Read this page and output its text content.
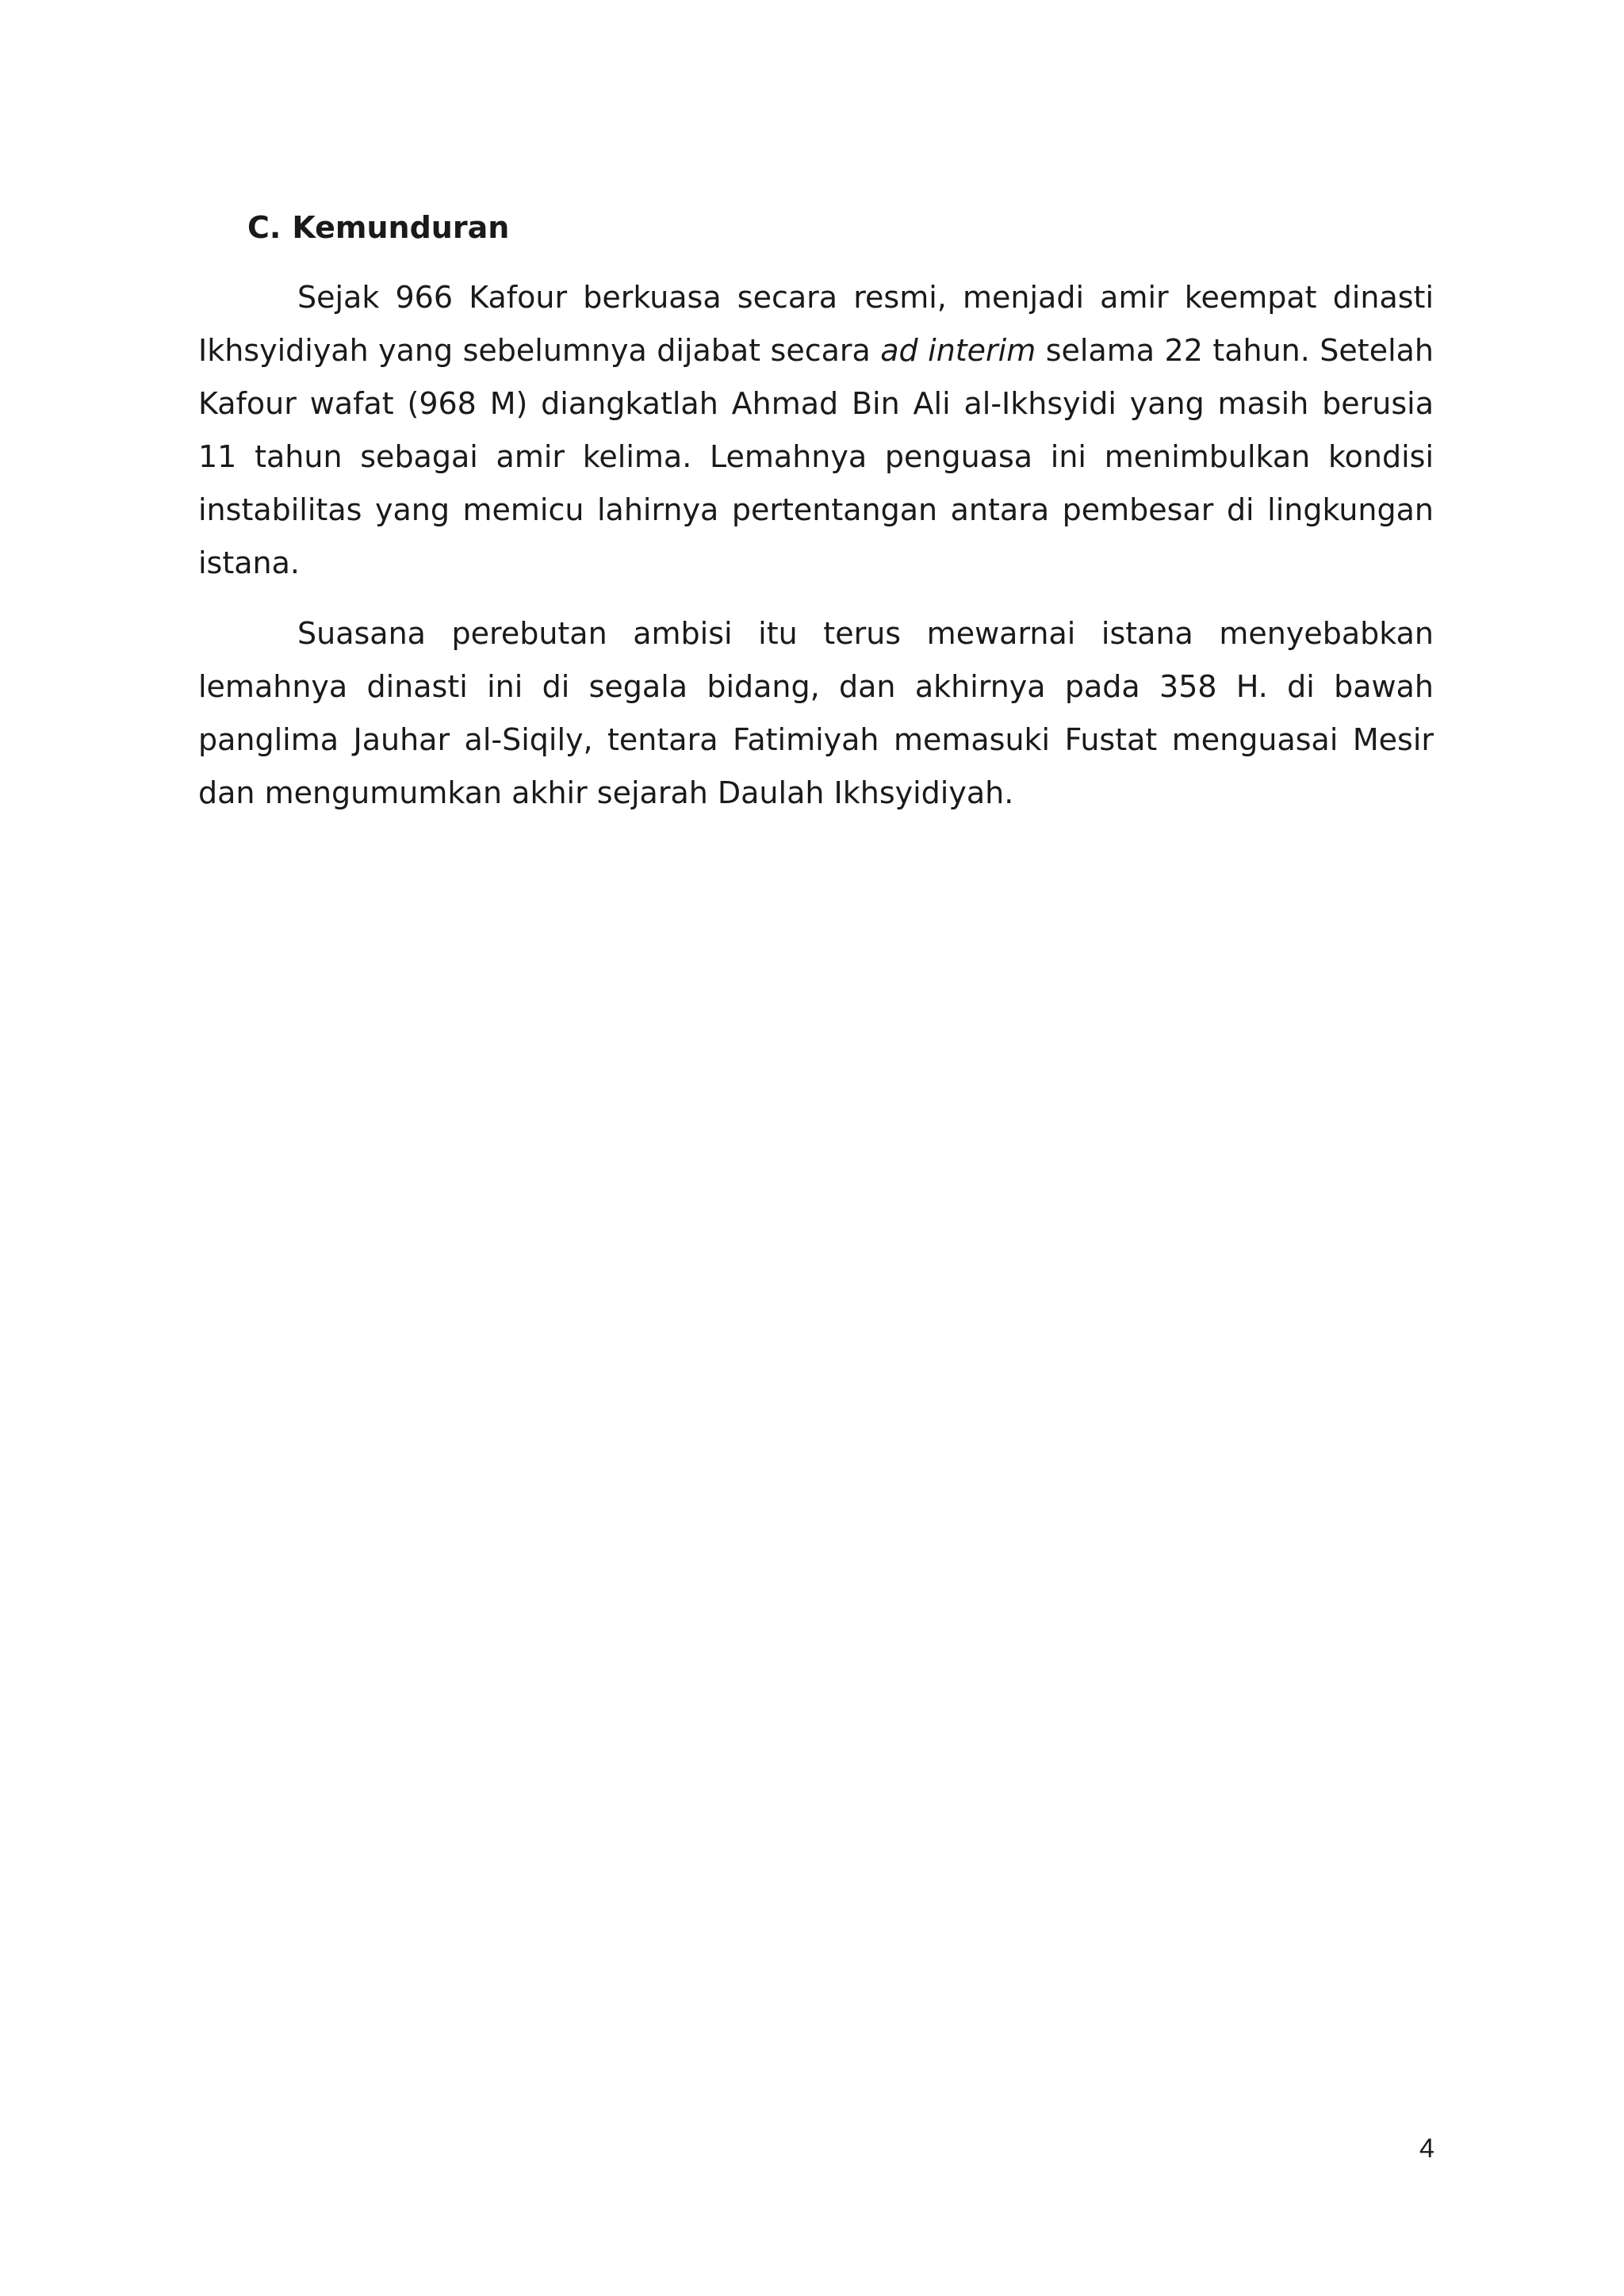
C. Kemunduran

Sejak 966 Kafour berkuasa secara resmi, menjadi amir keempat dinasti Ikhsyidiyah yang sebelumnya dijabat secara ad interim selama 22 tahun. Setelah Kafour wafat (968 M) diangkatlah Ahmad Bin Ali al-Ikhsyidi yang masih berusia 11 tahun sebagai amir kelima. Lemahnya penguasa ini menimbulkan kondisi instabilitas yang memicu lahirnya pertentangan antara pembesar di lingkungan istana.

Suasana perebutan ambisi itu terus mewarnai istana menyebabkan lemahnya dinasti ini di segala bidang, dan akhirnya pada 358 H. di bawah panglima Jauhar al-Siqily, tentara Fatimiyah memasuki Fustat menguasai Mesir dan mengumumkan akhir sejarah Daulah Ikhsyidiyah.

4
